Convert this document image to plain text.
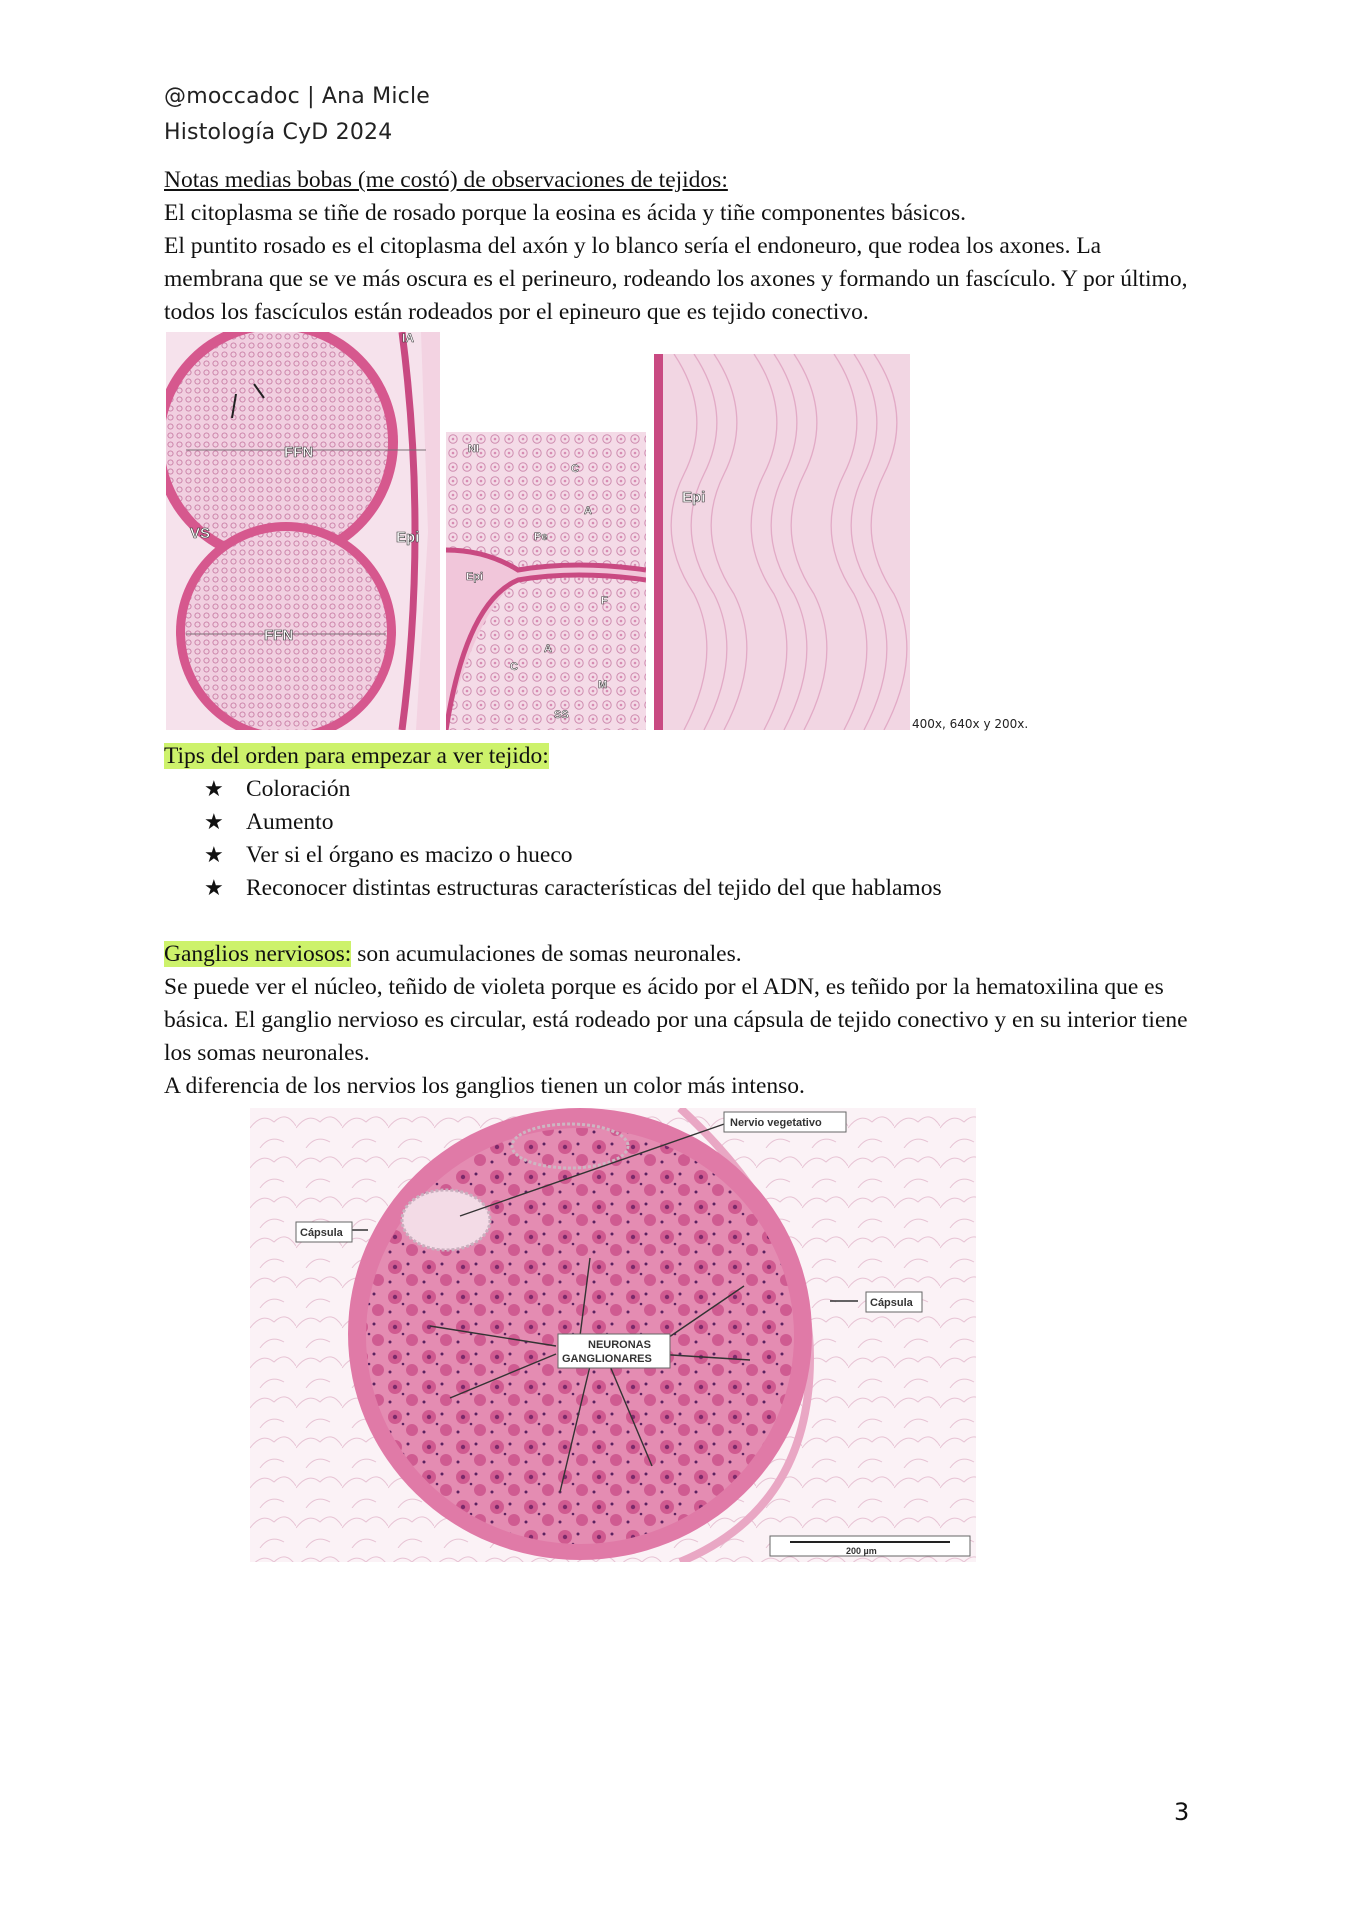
@moccadoc | Ana Micle
Histología CyD 2024

Notas medias bobas (me costó) de observaciones de tejidos:

El citoplasma se tiñe de rosado porque la eosina es ácida y tiñe componentes básicos.

El puntito rosado es el citoplasma del axón y lo blanco sería el endoneuro, que rodea los axones. La membrana que se ve más oscura es el perineuro, rodeando los axones y formando un fascículo. Y por último, todos los fascículos están rodeados por el epineuro que es tejido conectivo.

FFN
FFN
VS	Epi
IA
NI
C
A
Pe
Epi
F
A
C
M
SS
Epi
400x, 640x y 200x.

Tips del orden para empezar a ver tejido:

★ Coloración
★ Aumento
★ Ver si el órgano es macizo o hueco
★ Reconocer distintas estructuras características del tejido del que hablamos

Ganglios nerviosos: son acumulaciones de somas neuronales.

Se puede ver el núcleo, teñido de violeta porque es ácido por el ADN, es teñido por la hematoxilina que es básica. El ganglio nervioso es circular, está rodeado por una cápsula de tejido conectivo y en su interior tiene los somas neuronales.

A diferencia de los nervios los ganglios tienen un color más intenso.

Nervio vegetativo
Cápsula
Cápsula
NEURONAS
GANGLIONARES
200 µm
3
